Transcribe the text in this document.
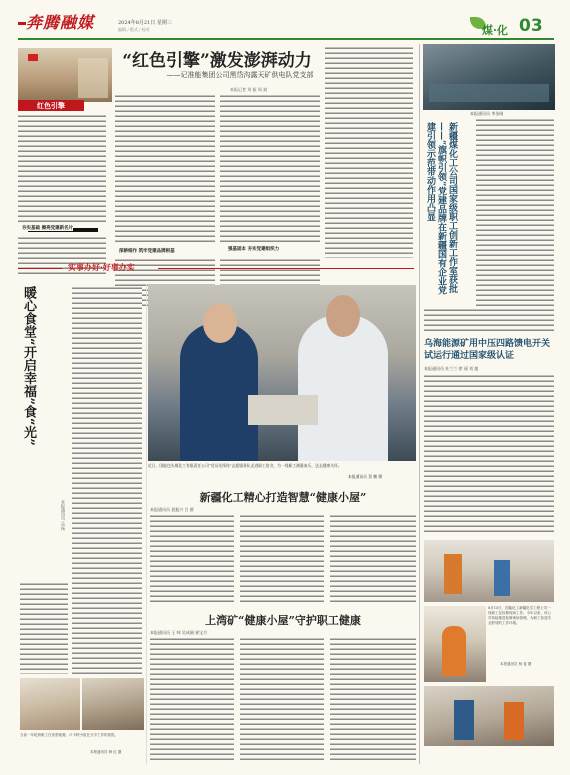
奔腾融媒	2024年8月21日 星期三
编辑 / 版式 / 校对	煤·化 03
“红色引擎”激发澎湃动力
——记准能集团公司黑岱沟露天矿供电队党支部
本报记者 刘 振 周 斌
红色引擎
夯实基础 擦亮党建新名片
深耕细作 筑牢党建品牌根基	强基固本 夯实党建组织力
本报通讯员 李金刚
新疆煤化工公司国家级职工创新工作室获批——“旗帜引领”党建品牌在新疆国有企业党建引领示范带动作用凸显
实事办好·好事办实
暖心食堂“开启幸福”食“光”
本报通讯员 孟 杨
当前一年轮班职工在食堂就餐。卢卡特小组在分享工作的喜悦。
本报通讯员 韩 红 摄
近日，国能包头煤化工有限责任公司“党员先锋岗”志愿服务队走进职工宿舍，为一线职工测量血压，送去健康关怀。
本报通讯员 贺 鹏 摄
新疆化工精心打造智慧“健康小屋”
本报通讯员 聂振兴 吕 群
上湾矿“健康小屋”守护职工健康
本报通讯员 王 帅 吴成刚 崔宝月
乌海能源矿用中压四路馈电开关试运行通过国家级认证
本报通讯员 杜兰兰 徐 丽 刘 超
8月15日，国能化工新疆化学工程公司一线职工在检修现场工作。今年以来，该公司持续推进检修现场管理，为职工营造安全舒适的工作环境。
本报通讯员 杨 斐 摄
